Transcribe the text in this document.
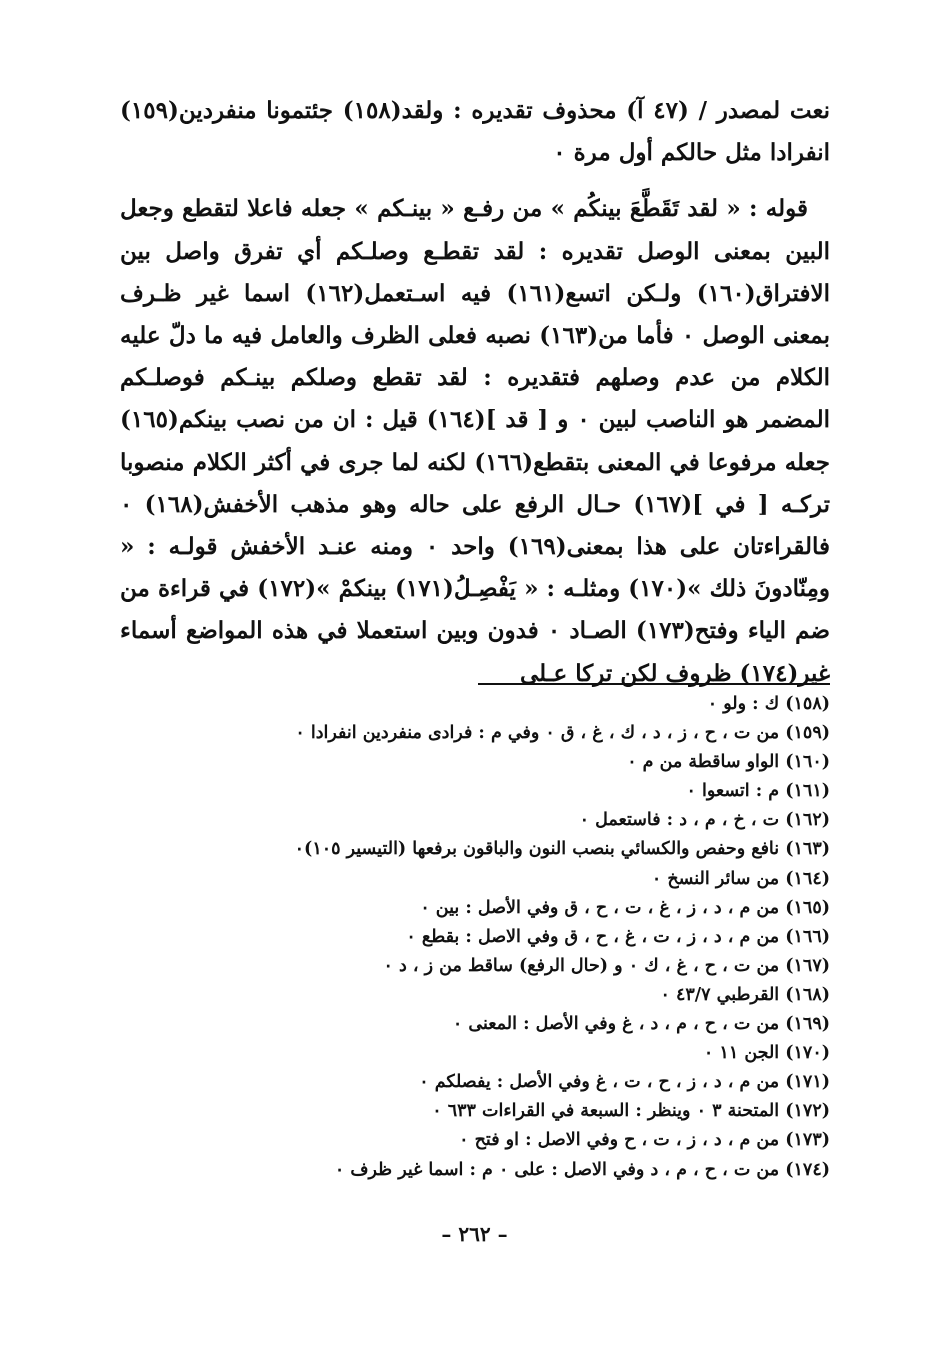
نعت لمصدر / (٤٧ آ) محذوف تقديره : ولقد(١٥٨) جئتمونا منفردين(١٥٩) انفرادا مثل حالكم أول مرة ٠

قوله : « لقد تَقَطَّعَ بينكُم » من رفـع « بينـكم » جعله فاعلا لتقطع وجعل البين بمعنى الوصل تقديره : لقد تقطـع وصلـكم أي تفرق واصل بين الافتراق(١٦٠) ولـكن اتسع(١٦١) فيه اسـتعمل(١٦٢) اسما غير ظـرف بمعنى الوصل ٠ فأما من(١٦٣) نصبه فعلى الظرف والعامل فيه ما دلّ عليه الكلام من عدم وصلهم فتقديره : لقد تقطع وصلكم بينـكم فوصلـكم المضمر هو الناصب لبين ٠ و [ قد ](١٦٤) قيل : ان من نصب بينكم(١٦٥) جعله مرفوعا في المعنى بتقطع(١٦٦) لكنه لما جرى في أكثر الكلام منصوبا تركـه [ في ](١٦٧) حـال الرفع على حاله وهو مذهب الأخفش(١٦٨) ٠ فالقراءتان على هذا بمعنى(١٦٩) واحد ٠ ومنه عنـد الأخفش قولـه : « ومِنّادونَ ذلك »(١٧٠) ومثلـه : « يَفْصِـلُ(١٧١) بينكمْ »(١٧٢) في قراءة من ضم الياء وفتح(١٧٣) الصـاد ٠ فدون وبين استعملا في هذه المواضع أسماء غير(١٧٤) ظروف لكن تركا عـلى

(١٥٨) ك : ولو ٠
(١٥٩) من ت ، ح ، ز ، د ، ك ، غ ، ق ٠ وفي م : فرادى منفردين انفرادا ٠
(١٦٠) الواو ساقطة من م ٠
(١٦١) م : اتسعوا ٠
(١٦٢) ت ، خ ، م ، د : فاستعمل ٠
(١٦٣) نافع وحفص والكسائي بنصب النون والباقون برفعها (التيسير ١٠٥)٠
(١٦٤) من سائر النسخ ٠
(١٦٥) من م ، د ، ز ، غ ، ت ، ح ، ق وفي الأصل : بين ٠
(١٦٦) من م ، د ، ز ، ت ، غ ، ح ، ق وفي الاصل : بقطع ٠
(١٦٧) من ت ، ح ، غ ، ك ٠ و (حال الرفع) ساقط من ز ، د ٠
(١٦٨) القرطبي ٤٣/٧ ٠
(١٦٩) من ت ، ح ، م ، د ، غ وفي الأصل : المعنى ٠
(١٧٠) الجن ١١ ٠
(١٧١) من م ، د ، ز ، ح ، ت ، غ وفي الأصل : يفصلكم ٠
(١٧٢) المتحنة ٣ ٠ وينظر : السبعة في القراءات ٦٣٣ ٠
(١٧٣) من م ، د ، ز ، ت ، ح وفي الاصل : او فتح ٠
(١٧٤) من ت ، ح ، م ، د وفي الاصل : على ٠ م : اسما غير ظرف ٠
– ٢٦٢ –
